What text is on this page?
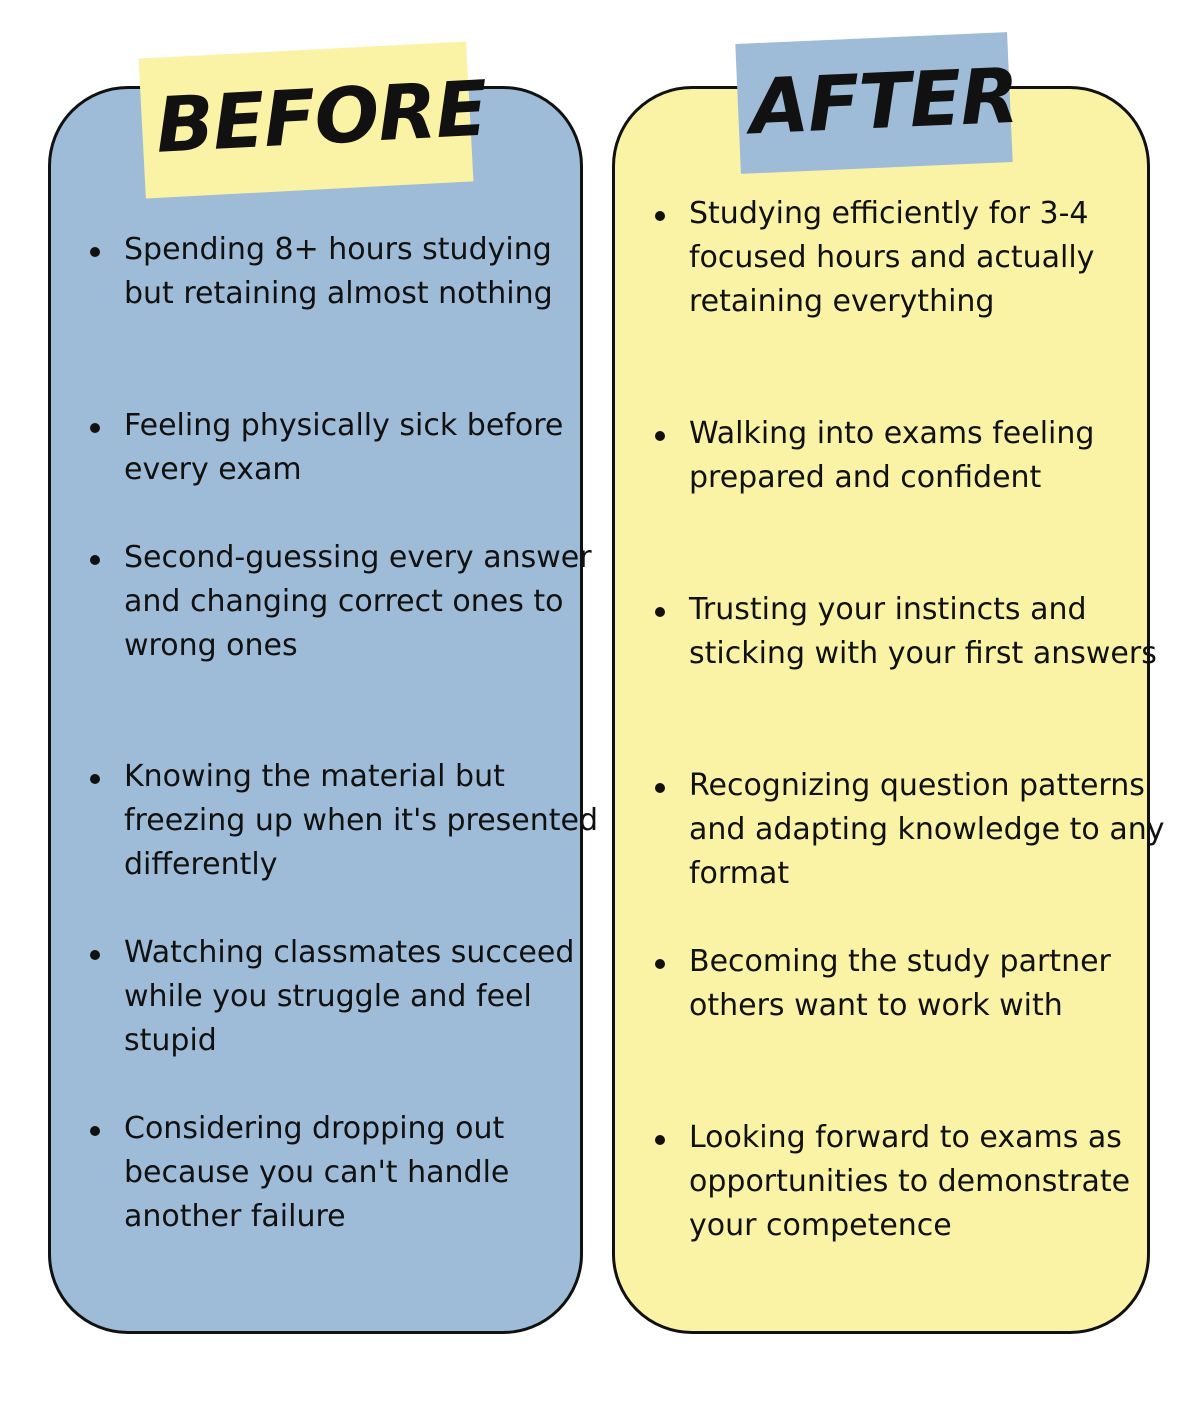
BEFORE	AFTER
Spending 8+ hours studying but retaining almost nothing
Feeling physically sick before every exam
Second-guessing every answer and changing correct ones to wrong ones
Knowing the material but freezing up when it's presented differently
Watching classmates succeed while you struggle and feel stupid
Considering dropping out because you can't handle another failure
Studying efficiently for 3-4 focused hours and actually retaining everything
Walking into exams feeling prepared and confident
Trusting your instincts and sticking with your first answers
Recognizing question patterns and adapting knowledge to any format
Becoming the study partner others want to work with
Looking forward to exams as opportunities to demonstrate your competence
